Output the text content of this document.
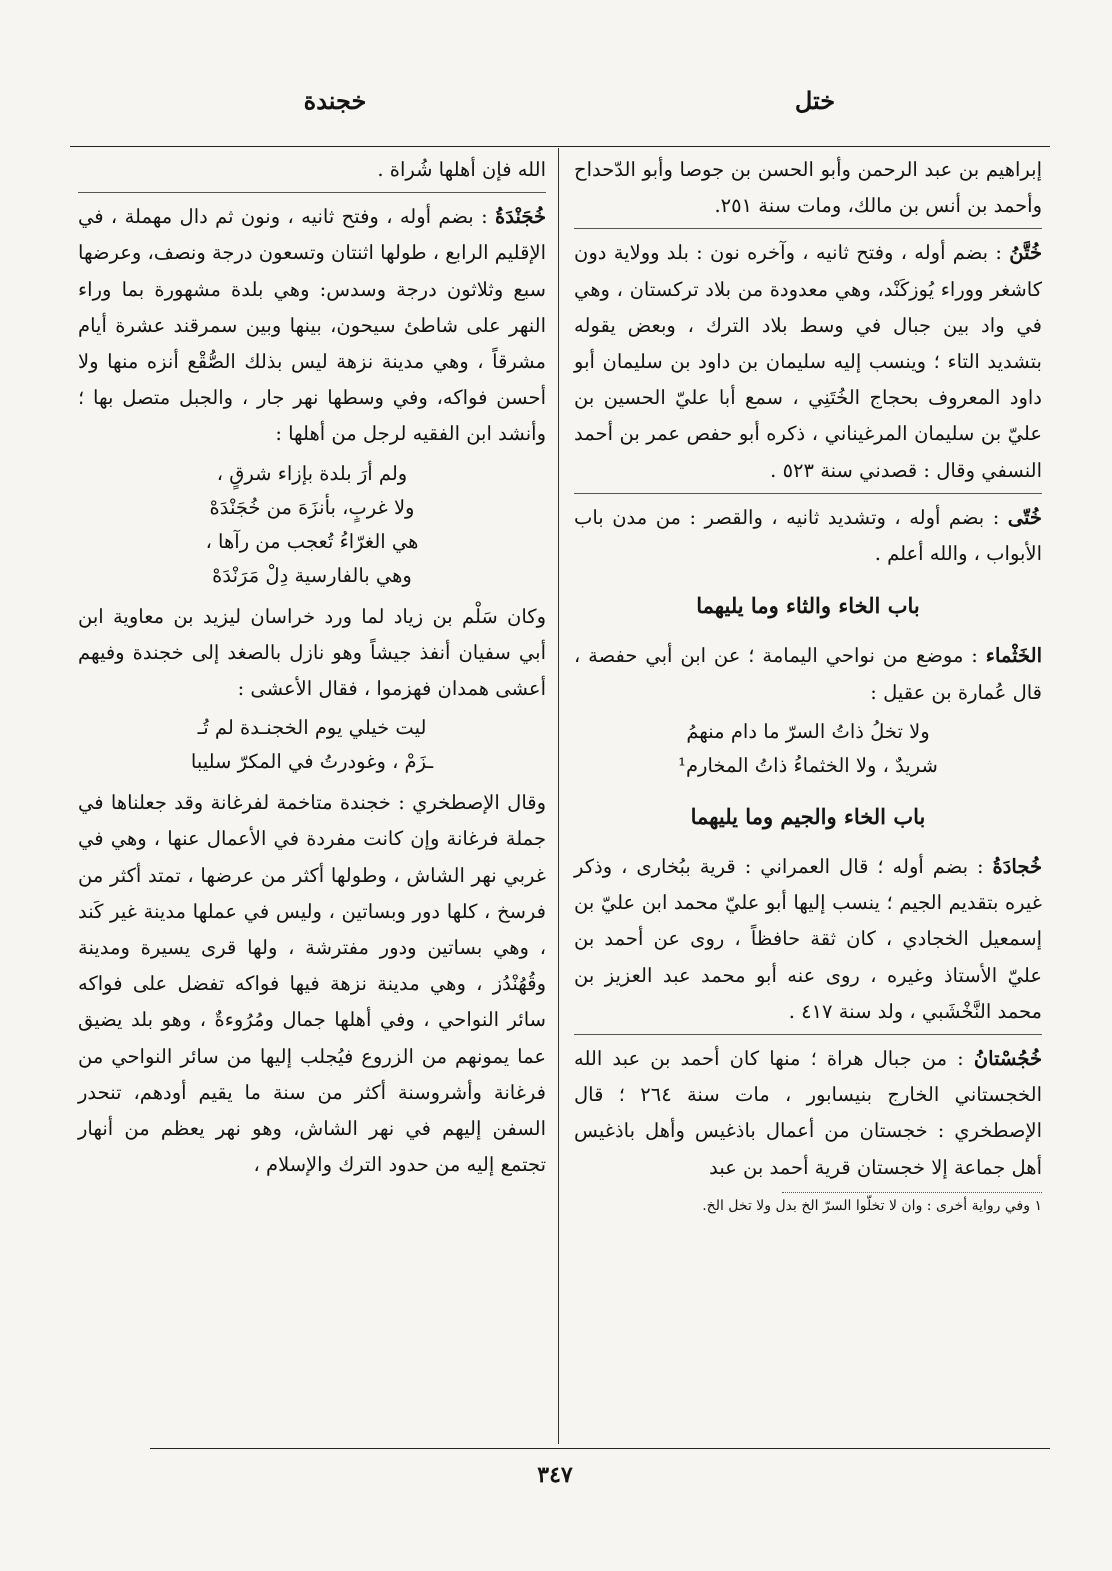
ختل
خجندة

إبراهيم بن عبد الرحمن وأبو الحسن بن جوصا وأبو الدّحداح وأحمد بن أنس بن مالك، ومات سنة ٢٥١.

خُتَّنُ : بضم أوله ، وفتح ثانيه ، وآخره نون : بلد وولاية دون كاشغر ووراء يُوزكَنْد، وهي معدودة من بلاد تركستان ، وهي في واد بين جبال في وسط بلاد الترك ، وبعض يقوله بتشديد التاء ؛ وينسب إليه سليمان بن داود بن سليمان أبو داود المعروف بحجاج الخُتَنِي ، سمع أبا عليّ الحسين بن عليّ بن سليمان المرغيناني ، ذكره أبو حفص عمر بن أحمد النسفي وقال : قصدني سنة ٥٢٣ .

خُتّى : بضم أوله ، وتشديد ثانيه ، والقصر : من مدن باب الأبواب ، والله أعلم .

باب الخاء والثاء وما يليهما

الخَثْماء : موضع من نواحي اليمامة ؛ عن ابن أبي حفصة ، قال عُمارة بن عقيل :

ولا تخلُ ذاتُ السرّ ما دام منهمُ
شريدٌ ، ولا الخثماءُ ذاتُ المخارم¹
باب الخاء والجيم وما يليهما

خُجادَةُ : بضم أوله ؛ قال العمراني : قرية ببُخارى ، وذكر غيره بتقديم الجيم ؛ ينسب إليها أبو عليّ محمد ابن عليّ بن إسمعيل الخجادي ، كان ثقة حافظاً ، روى عن أحمد بن عليّ الأستاذ وغيره ، روى عنه أبو محمد عبد العزيز بن محمد النَّخْشَبي ، ولد سنة ٤١٧ .

خُجُسْتانُ : من جبال هراة ؛ منها كان أحمد بن عبد الله الخجستاني الخارج بنيسابور ، مات سنة ٢٦٤ ؛ قال الإصطخري : خجستان من أعمال باذغيس وأهل باذغيس أهل جماعة إلا خجستان قرية أحمد بن عبد

١ وفي رواية أخرى : وان لا تخلّوا السرّ الخ بدل ولا تخل الخ.

الله فإن أهلها شُراة .

خُجَنْدَةُ : بضم أوله ، وفتح ثانيه ، ونون ثم دال مهملة ، في الإقليم الرابع ، طولها اثنتان وتسعون درجة ونصف، وعرضها سبع وثلاثون درجة وسدس: وهي بلدة مشهورة بما وراء النهر على شاطئ سيحون، بينها وبين سمرقند عشرة أيام مشرقاً ، وهي مدينة نزهة ليس بذلك الصُّقْع أنزه منها ولا أحسن فواكه، وفي وسطها نهر جار ، والجبل متصل بها ؛ وأنشد ابن الفقيه لرجل من أهلها :

ولم أرَ بلدة بإزاء شرقٍ ،
ولا غربٍ، بأنزَهَ من خُجَنْدَهْ
هي الغرّاءُ تُعجب من رآها ،
وهي بالفارسية دِلْ مَرَنْدَهْ

وكان سَلْم بن زياد لما ورد خراسان ليزيد بن معاوية ابن أبي سفيان أنفذ جيشاً وهو نازل بالصغد إلى خجندة وفيهم أعشى همدان فهزموا ، فقال الأعشى :

ليت خيلي يوم الخجنـدة لم تُـ
ـزَمْ ، وغودرتُ في المكرّ سليبا

وقال الإصطخري : خجندة متاخمة لفرغانة وقد جعلناها في جملة فرغانة وإن كانت مفردة في الأعمال عنها ، وهي في غربي نهر الشاش ، وطولها أكثر من عرضها ، تمتد أكثر من فرسخ ، كلها دور وبساتين ، وليس في عملها مدينة غير كَند ، وهي بساتين ودور مفترشة ، ولها قرى يسيرة ومدينة وقُهُنْدُز ، وهي مدينة نزهة فيها فواكه تفضل على فواكه سائر النواحي ، وفي أهلها جمال ومُرُوءةٌ ، وهو بلد يضيق عما يمونهم من الزروع فيُجلب إليها من سائر النواحي من فرغانة وأشروسنة أكثر من سنة ما يقيم أودهم، تنحدر السفن إليهم في نهر الشاش، وهو نهر يعظم من أنهار تجتمع إليه من حدود الترك والإسلام ،

٣٤٧
